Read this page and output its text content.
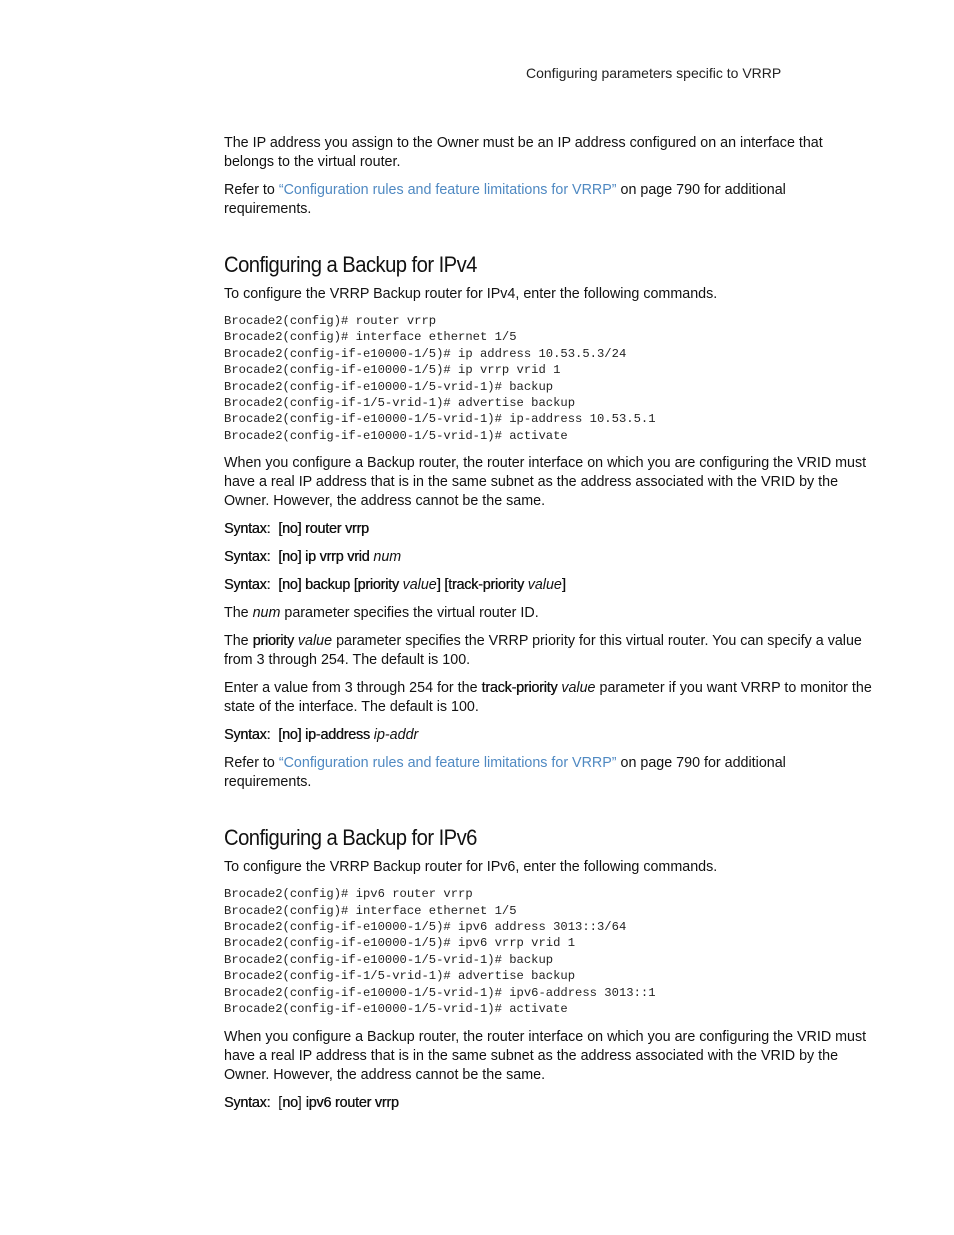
Configuring parameters specific to VRRP

The IP address you assign to the Owner must be an IP address configured on an interface that belongs to the virtual router.

Refer to “Configuration rules and feature limitations for VRRP” on page 790 for additional requirements.

Configuring a Backup for IPv4

To configure the VRRP Backup router for IPv4, enter the following commands.

Brocade2(config)# router vrrp
Brocade2(config)# interface ethernet 1/5
Brocade2(config-if-e10000-1/5)# ip address 10.53.5.3/24
Brocade2(config-if-e10000-1/5)# ip vrrp vrid 1
Brocade2(config-if-e10000-1/5-vrid-1)# backup
Brocade2(config-if-1/5-vrid-1)# advertise backup
Brocade2(config-if-e10000-1/5-vrid-1)# ip-address 10.53.5.1
Brocade2(config-if-e10000-1/5-vrid-1)# activate

When you configure a Backup router, the router interface on which you are configuring the VRID must have a real IP address that is in the same subnet as the address associated with the VRID by the Owner. However, the address cannot be the same.

Syntax: [no] router vrrp

Syntax: [no] ip vrrp vrid num

Syntax: [no] backup [priority value] [track-priority value]

The num parameter specifies the virtual router ID.

The priority value parameter specifies the VRRP priority for this virtual router. You can specify a value from 3 through 254. The default is 100.

Enter a value from 3 through 254 for the track-priority value parameter if you want VRRP to monitor the state of the interface. The default is 100.

Syntax: [no] ip-address ip-addr

Refer to “Configuration rules and feature limitations for VRRP” on page 790 for additional requirements.

Configuring a Backup for IPv6

To configure the VRRP Backup router for IPv6, enter the following commands.

Brocade2(config)# ipv6 router vrrp
Brocade2(config)# interface ethernet 1/5
Brocade2(config-if-e10000-1/5)# ipv6 address 3013::3/64
Brocade2(config-if-e10000-1/5)# ipv6 vrrp vrid 1
Brocade2(config-if-e10000-1/5-vrid-1)# backup
Brocade2(config-if-1/5-vrid-1)# advertise backup
Brocade2(config-if-e10000-1/5-vrid-1)# ipv6-address 3013::1
Brocade2(config-if-e10000-1/5-vrid-1)# activate

When you configure a Backup router, the router interface on which you are configuring the VRID must have a real IP address that is in the same subnet as the address associated with the VRID by the Owner. However, the address cannot be the same.

Syntax: [no] ipv6 router vrrp
